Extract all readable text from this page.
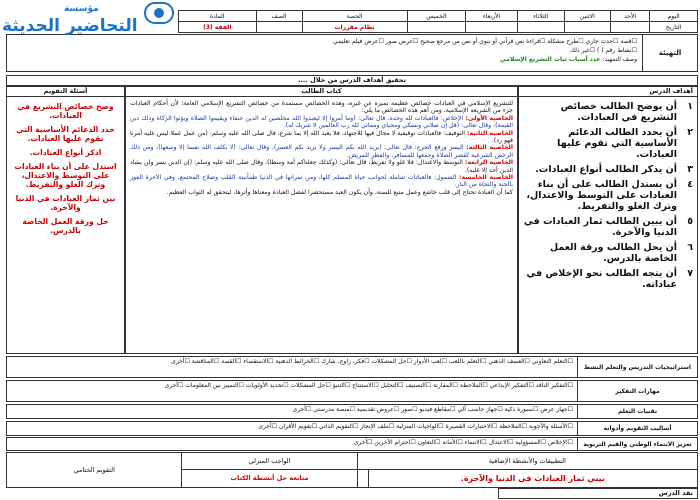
مؤسسة
التحاضير الحديثة	اليوم	الأحد	الاثنين	الثلاثاء	الأربعاء	الخميس	الحصة	الصف	المادة
التاريخ						نظام مقررات		الفقه (3)
التهيئة
☐قصة ☐حدث جاري ☐طرح مشكلة ☐قراءة نص قرآني أو نبوي أو نص من مرجع صحيح ☐عرض صور ☐عرض فيلم تعليمي
☐نشاط رقم ( ) ☐غير ذلك
وصف التمهيد: عدد أسباب ثبات التشريع الإسلامي
تحقيق أهداف الدرس من خلال ....
أهداف الدرس
١
أن يوضح الطالب خصائص التشريع في العبادات.
٢
أن يحدد الطالب الدعائم الأساسية التي تقوم عليها العبادات.
٣
أن يذكر الطالب أنواع العبادات.
٤
أن يستدل الطالب على أن بناء العبادات على التوسط والاعتدال، وترك الغلو والتفريط.
٥
أن يبين الطالب ثمار العبادات في الدنيا والآخرة.
٦
أن يحل الطالب ورقة العمل الخاصة بالدرس.
٧
أن يتجه الطالب نحو الإخلاص في عباداته.
كتاب الطالب
للتشريع الإسلامي في العبادات خصائص عظيمة تميزه عن غيره، وهذه الخصائص مستمدة من خصائص التشريع الإسلامي العامة؛ لأن أحكام العبادات جزء من الشريعة الإسلامية، ومن أهم هذه الخصائص ما يلي:
الخاصية الأولى: الإخلاص: فالعبادات لله وحده، قال تعالى: (وما أمروا إلا ليعبدوا الله مخلصين له الدين حنفاء ويقيموا الصلاة ويؤتوا الزكاة وذلك دين القيمة)، وقال تعالى: (قل إن صلاتي ونسكي ومحياي ومماتي لله رب العالمين لا شريك له).
الخاصية الثانية: التوقيف: فالعبادات توقيفية لا مجال فيها للاجتهاد، فلا يعبد الله إلا بما شرع، قال صلى الله عليه وسلم: (من عمل عملا ليس عليه أمرنا فهو رد).
الخاصية الثالثة: اليسر ورفع الحرج: قال تعالى: (يريد الله بكم اليسر ولا يريد بكم العسر)، وقال تعالى: (لا يكلف الله نفسا إلا وسعها)، ومن ذلك الرخص الشرعية كقصر الصلاة وجمعها للمسافر، والفطر للمريض.
الخاصية الرابعة: التوسط والاعتدال: فلا غلو ولا تفريط، قال تعالى: (وكذلك جعلناكم أمة وسطا)، وقال صلى الله عليه وسلم: (إن الدين يسر ولن يشاد الدين أحد إلا غلبه).
الخاصية الخامسة: الشمول: فالعبادات شاملة لجوانب حياة المسلم كلها، ومن ثمراتها في الدنيا طمأنينة القلب وصلاح المجتمع، وفي الآخرة الفوز بالجنة والنجاة من النار.
كما أن العبادة تحتاج إلى قلب خاشع وعمل متبع للسنة، وأن يكون العبد مستحضرا لفضل العبادة ومعناها وأثرها، ليتحقق له الثواب العظيم.
أسئلة التقويم
وضح خصائص التشريع في العبادات.
حدد الدعائم الأساسية التي تقوم عليها العبادات.
اذكر أنواع العبادات.
استدل على أن بناء العبادات على التوسط والاعتدال، وترك الغلو والتفريط.
بين ثمار العبادات في الدنيا والآخرة.
حل ورقة العمل الخاصة بالدرس.
استراتيجيات التدريس والتعلم النشط
☐التعلم التعاوني ☐العصف الذهني ☐التعلم باللعب ☐لعب الأدوار ☐حل المشكلات ☐فكر، زاوج، شارك ☐الخرائط الذهنية ☐الاستقصاء ☐القصة ☐المناقشة ☐أخرى
مهارات التفكير
☐التفكير الناقد ☐التفكير الإبداعي ☐الملاحظة ☐المقارنة ☐التصنيف ☐التحليل ☐الاستنتاج ☐التنبؤ ☐حل المشكلات ☐تحديد الأولويات ☐التمييز بين المعلومات ☐أخرى
تقنيات التعلم
☐جهاز عرض ☐سبورة ذكية ☐جهاز حاسب آلي ☐مقاطع فيديو ☐صور ☐عروض تقديمية ☐منصة مدرستي ☐أخرى
أساليب التقويم وأدواته
☐الأسئلة والأجوبة ☐الملاحظة ☐الاختبارات القصيرة ☐الواجبات المنزلية ☐ملف الإنجاز ☐التقويم الذاتي ☐تقويم الأقران ☐أخرى
تعزيز الانتماء الوطني والقيم التربوية
☐الإخلاص ☐المسؤولية ☐الاعتدال ☐الانتماء ☐الأمانة ☐التعاون ☐احترام الآخرين ☐أخرى
التطبيقات والأنشطة الإضافية		الواجب المنزلي	التقويم الختامي
بيني ثمار العبادات في الدنيا والآخرة.		متابعة حل أنشطة الكتاب	
نقد الدرس
